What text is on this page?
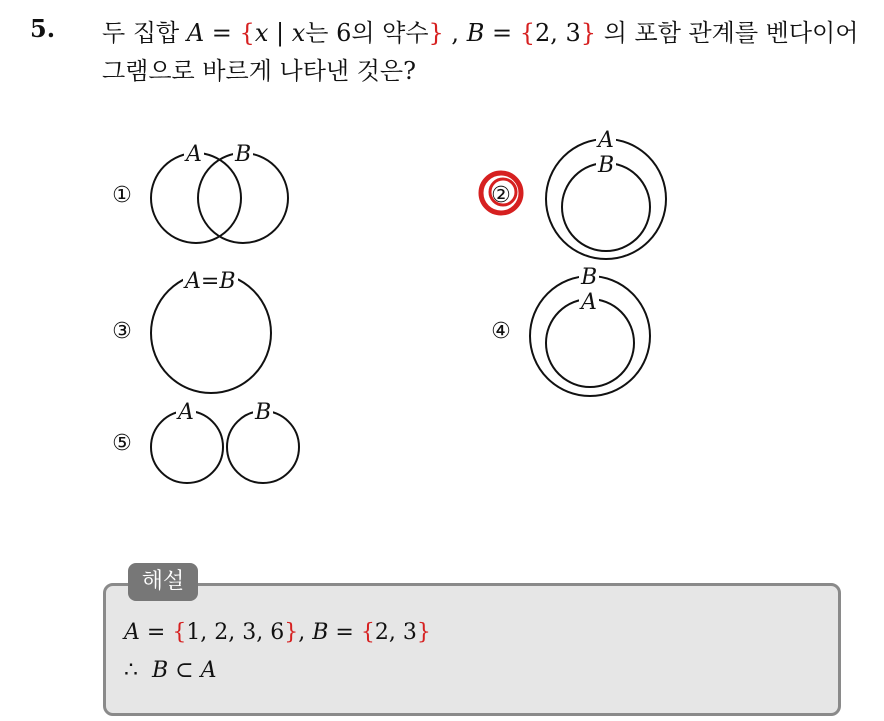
5. 두 집합 A = {x | x는 6의 약수} , B = {2, 3} 의 포함 관계를 벤다이어
그램으로 바르게 나타낸 것은?
①
A B
②
A
B
③
A=B
④
B
A
⑤
A	B
해설
A = {1, 2, 3, 6}, B = {2, 3}
∴ B ⊂ A
